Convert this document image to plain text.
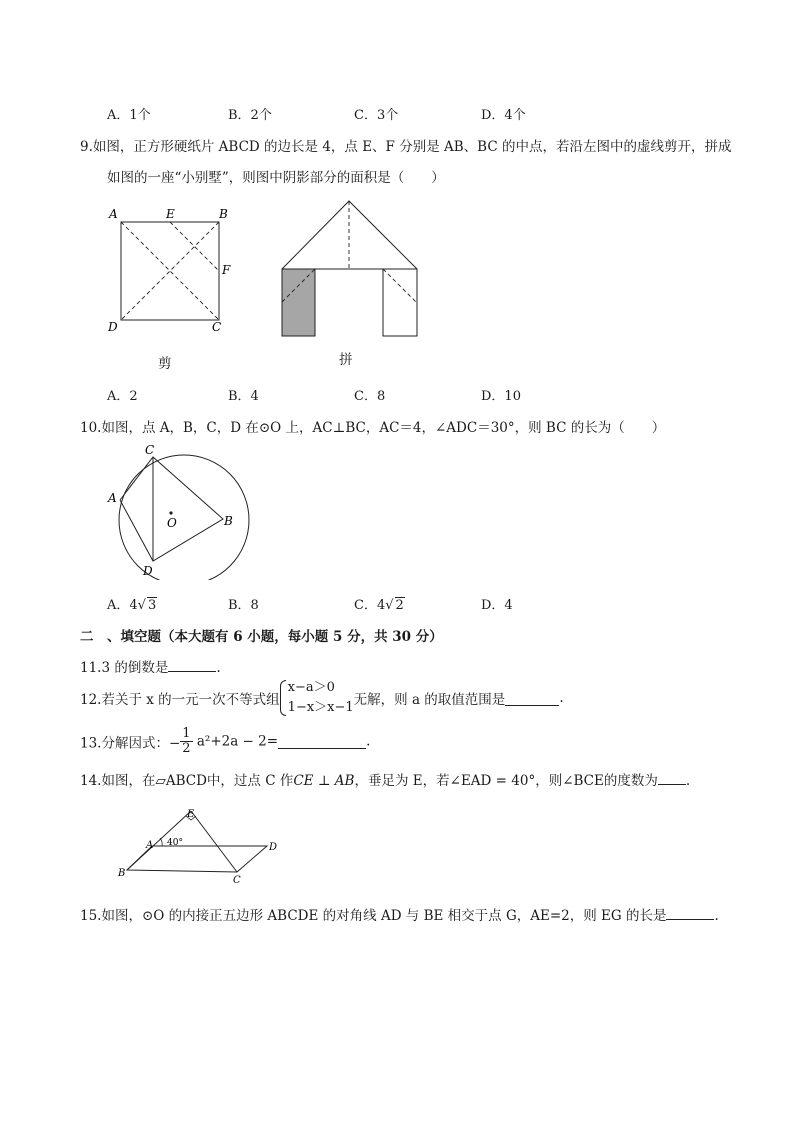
A．1个	B．2个	C．3个	D．4个
9.如图，正方形硬纸片 ABCD 的边长是 4，点 E、F 分别是 AB、BC 的中点，若沿左图中的虚线剪开，拼成
如图的一座“小别墅”，则图中阴影部分的面积是（　　）
A	E	B
F
D	C
剪	拼
A．2	B．4	C．8	D．10
10.如图，点 A，B，C，D 在⊙O 上，AC⊥BC，AC＝4，∠ADC＝30°，则 BC 的长为（　　）
C
A
O	B
D
A．4√ 3	B．8	C．4√ 2	D．4
二　、填空题（本大题有 6 小题，每小题 5 分，共 30 分）
11.3 的倒数是	.
12.若关于 x 的一元一次不等式组
x−a＞0
1−x＞x−1 无解，则 a 的取值范围是	.
13.分解因式：− $\frac{1}{2} a^2+2a - 2=$	.
14.如图，在▱ABCD中，过点 C 作CE ⊥ AB，垂足为 E，若∠EAD = 40°，则∠BCE的度数为 .
E
A 40°	D
B
C
15.如图，⊙O 的内接正五边形 ABCDE 的对角线 AD 与 BE 相交于点 G，AE=2，则 EG 的长是	.
